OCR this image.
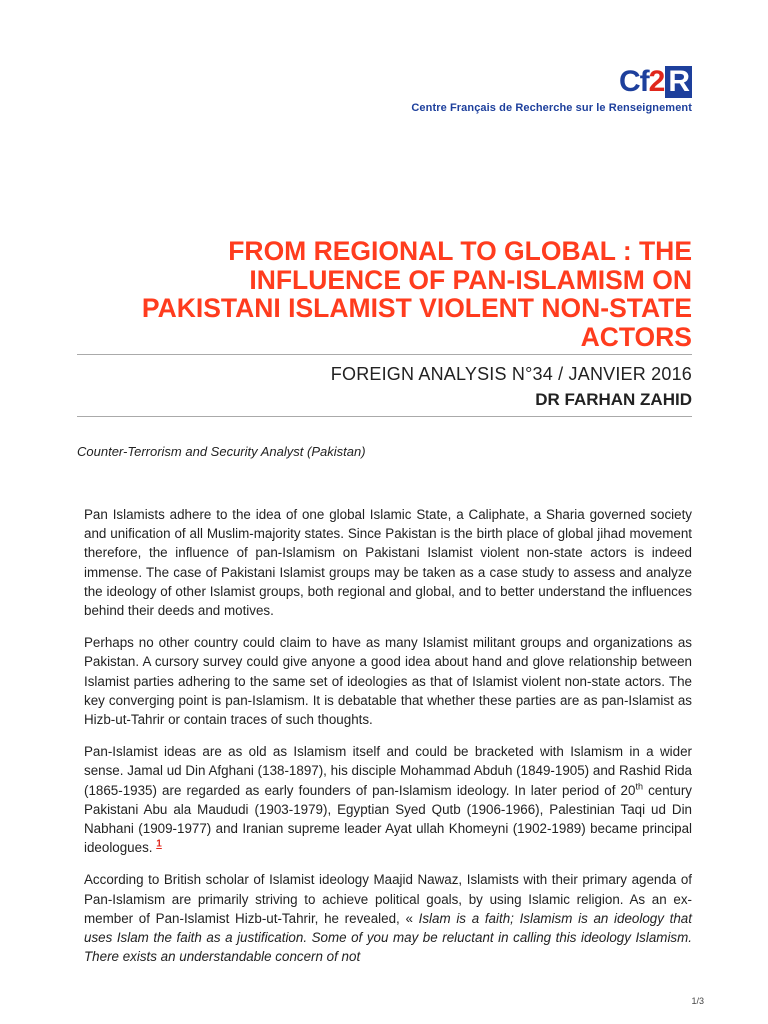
Cf 2 R
Centre Français de Recherche sur le Renseignement
FROM REGIONAL TO GLOBAL : THE
INFLUENCE OF PAN-ISLAMISM ON
PAKISTANI ISLAMIST VIOLENT NON-STATE
ACTORS
FOREIGN ANALYSIS N°34 / JANVIER 2016
DR FARHAN ZAHID
Counter-Terrorism and Security Analyst (Pakistan)

Pan Islamists adhere to the idea of one global Islamic State, a Caliphate, a Sharia governed society and unification of all Muslim-majority states. Since Pakistan is the birth place of global jihad movement therefore, the influence of pan-Islamism on Pakistani Islamist violent non-state actors is indeed immense. The case of Pakistani Islamist groups may be taken as a case study to assess and analyze the ideology of other Islamist groups, both regional and global, and to better understand the influences behind their deeds and motives.

Perhaps no other country could claim to have as many Islamist militant groups and organizations as Pakistan. A cursory survey could give anyone a good idea about hand and glove relationship between Islamist parties adhering to the same set of ideologies as that of Islamist violent non-state actors. The key converging point is pan-Islamism. It is debatable that whether these parties are as pan-Islamist as Hizb-ut-Tahrir or contain traces of such thoughts.

Pan-Islamist ideas are as old as Islamism itself and could be bracketed with Islamism in a wider sense. Jamal ud Din Afghani (138-1897), his disciple Mohammad Abduh (1849-1905) and Rashid Rida (1865-1935) are regarded as early founders of pan-Islamism ideology. In later period of 20th century Pakistani Abu ala Maududi (1903-1979), Egyptian Syed Qutb (1906-1966), Palestinian Taqi ud Din Nabhani (1909-1977) and Iranian supreme leader Ayat ullah Khomeyni (1902-1989) became principal ideologues. $^1$

According to British scholar of Islamist ideology Maajid Nawaz, Islamists with their primary agenda of Pan-Islamism are primarily striving to achieve political goals, by using Islamic religion. As an ex-member of Pan-Islamist Hizb-ut-Tahrir, he revealed, « Islam is a faith; Islamism is an ideology that uses Islam the faith as a justification. Some of you may be reluctant in calling this ideology Islamism. There exists an understandable concern of not

1/3
